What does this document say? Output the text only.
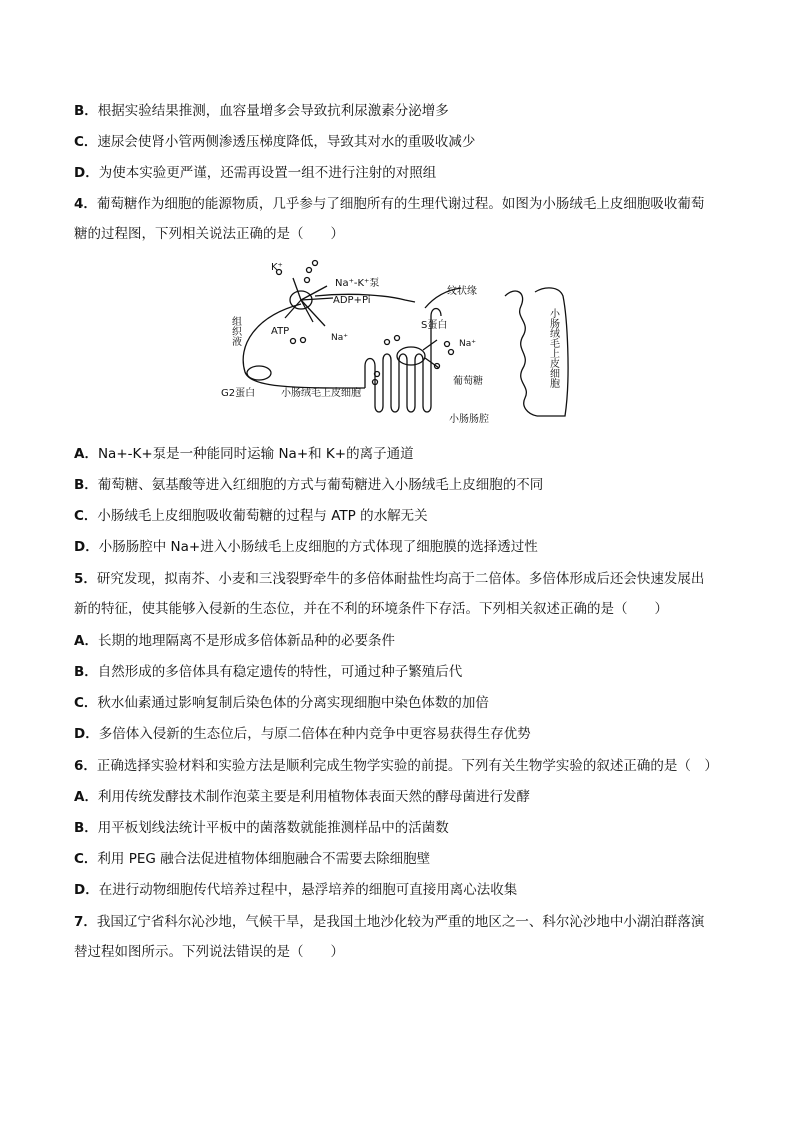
B．根据实验结果推测，血容量增多会导致抗利尿激素分泌增多
C．速尿会使肾小管两侧渗透压梯度降低，导致其对水的重吸收减少
D．为使本实验更严谨，还需再设置一组不进行注射的对照组
4．葡萄糖作为细胞的能源物质，几乎参与了细胞所有的生理代谢过程。如图为小肠绒毛上皮细胞吸收葡萄
糖的过程图，下列相关说法正确的是（　　）
K⁺
Na⁺-K⁺泵
ADP+Pi
ATP
Na⁺
Na⁺
S蛋白
纹状缘
葡萄糖
G2蛋白	小肠绒毛上皮细胞
小肠肠腔
组织液	小肠绒毛上皮细胞
A．Na+-K+泵是一种能同时运输 Na+和 K+的离子通道
B．葡萄糖、氨基酸等进入红细胞的方式与葡萄糖进入小肠绒毛上皮细胞的不同
C．小肠绒毛上皮细胞吸收葡萄糖的过程与 ATP 的水解无关
D．小肠肠腔中 Na+进入小肠绒毛上皮细胞的方式体现了细胞膜的选择透过性
5．研究发现，拟南芥、小麦和三浅裂野牵牛的多倍体耐盐性均高于二倍体。多倍体形成后还会快速发展出
新的特征，使其能够入侵新的生态位，并在不利的环境条件下存活。下列相关叙述正确的是（　　）
A．长期的地理隔离不是形成多倍体新品种的必要条件
B．自然形成的多倍体具有稳定遗传的特性，可通过种子繁殖后代
C．秋水仙素通过影响复制后染色体的分离实现细胞中染色体数的加倍
D．多倍体入侵新的生态位后，与原二倍体在种内竞争中更容易获得生存优势
6．正确选择实验材料和实验方法是顺利完成生物学实验的前提。下列有关生物学实验的叙述正确的是（　）
A．利用传统发酵技术制作泡菜主要是利用植物体表面天然的酵母菌进行发酵
B．用平板划线法统计平板中的菌落数就能推测样品中的活菌数
C．利用 PEG 融合法促进植物体细胞融合不需要去除细胞壁
D．在进行动物细胞传代培养过程中，悬浮培养的细胞可直接用离心法收集
7．我国辽宁省科尔沁沙地，气候干旱，是我国土地沙化较为严重的地区之一、科尔沁沙地中小湖泊群落演
替过程如图所示。下列说法错误的是（　　）
